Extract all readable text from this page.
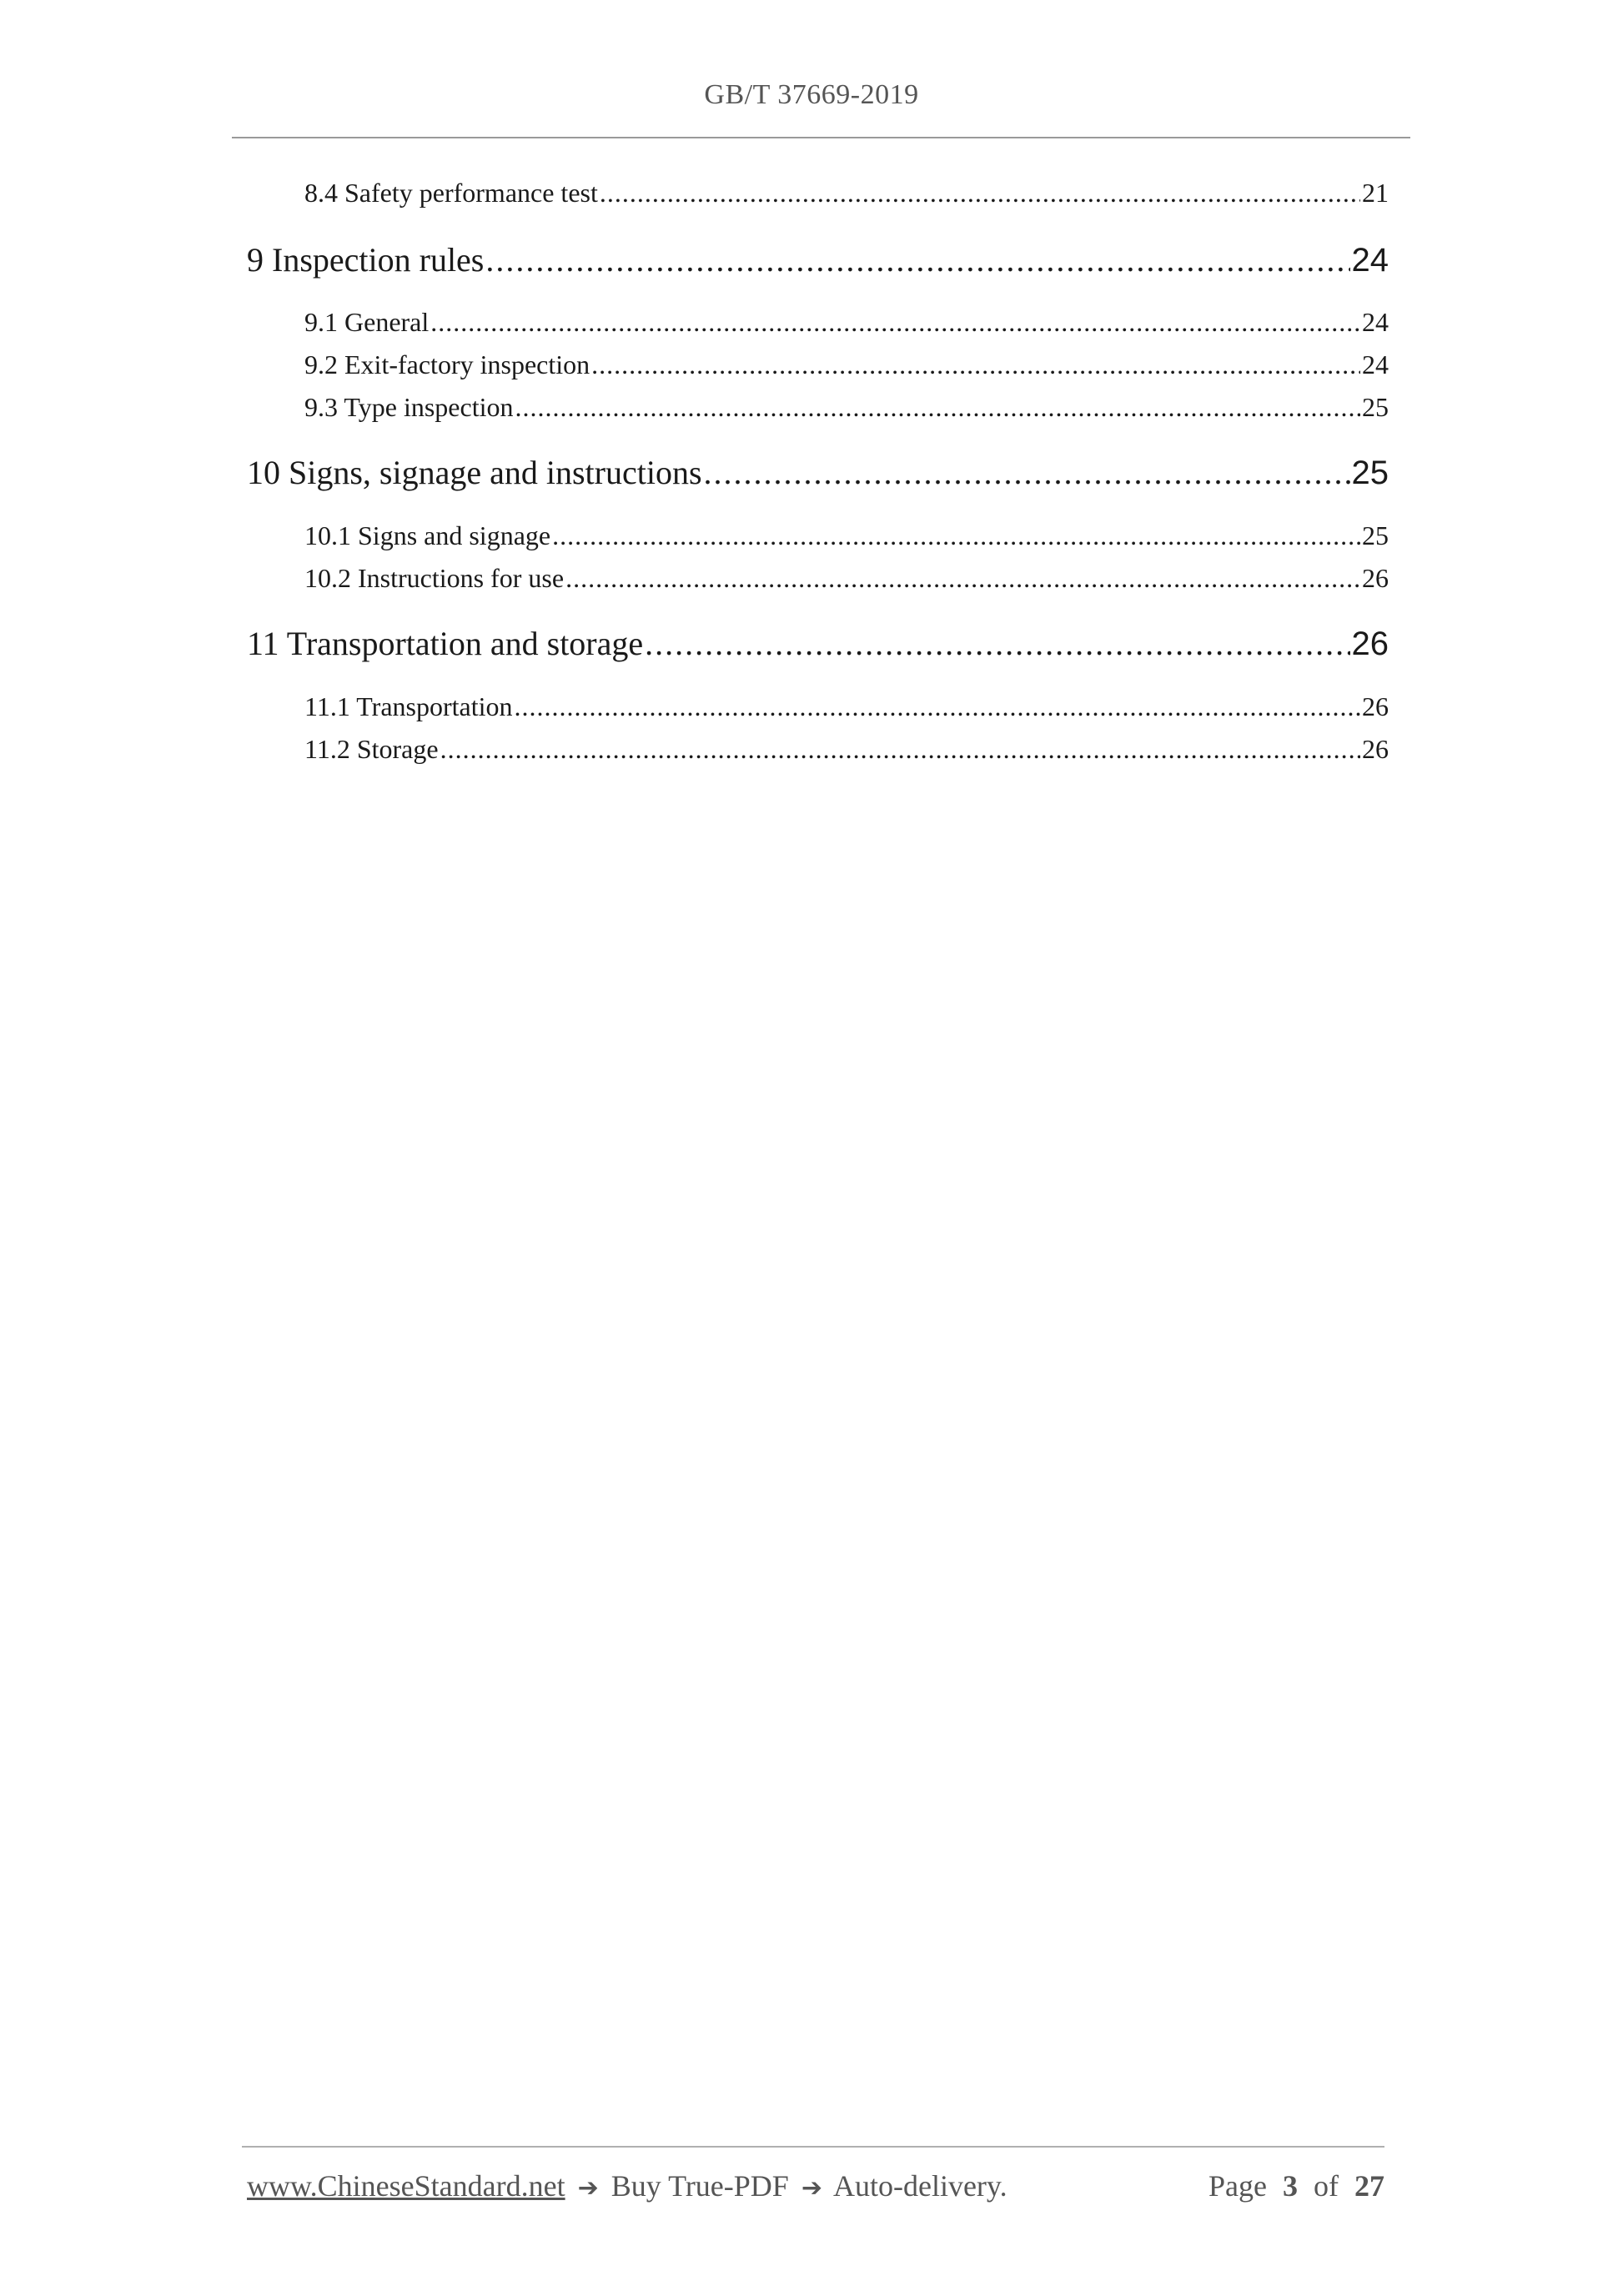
GB/T 37669-2019
8.4 Safety performance test .....	21
9 Inspection rules .....	24
9.1 General .....	24
9.2 Exit-factory inspection .....	24
9.3 Type inspection .....	25
10 Signs, signage and instructions .....	25
10.1 Signs and signage .....	25
10.2 Instructions for use .....	26
11 Transportation and storage .....	26
11.1 Transportation .....	26
11.2 Storage .....	26
www.ChineseStandard.net ➔ Buy True-PDF ➔ Auto-delivery.	Page 3 of 27
